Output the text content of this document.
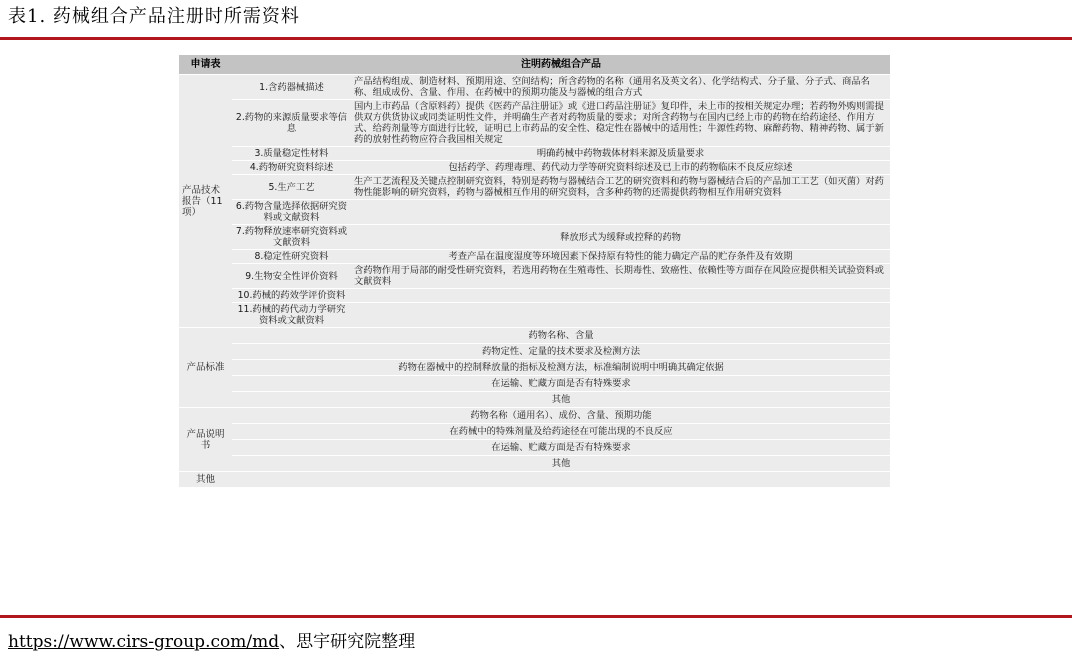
表1. 药械组合产品注册时所需资料
申请表	注明药械组合产品	
产品技术报告（11项）	1.含药器械描述	产品结构组成、制造材料、预期用途、空间结构；所含药物的名称（通用名及英文名）、化学结构式、分子量、分子式、商品名称、组成成份、含量、作用、在药械中的预期功能及与器械的组合方式
	2.药物的来源质量要求等信息	国内上市药品（含原料药）提供《医药产品注册证》或《进口药品注册证》复印件，未上市的按相关规定办理；若药物外购则需提供双方供货协议或同类证明性文件，并明确生产者对药物质量的要求；对所含药物与在国内已经上市的药物在给药途径、作用方式、给药剂量等方面进行比较，证明已上市药品的安全性、稳定性在器械中的适用性；牛源性药物、麻醉药物、精神药物、属于新药的放射性药物应符合我国相关规定
	3.质量稳定性材料	明确药械中药物载体材料来源及质量要求
	4.药物研究资料综述	包括药学、药理毒理、药代动力学等研究资料综述及已上市的药物临床不良反应综述
	5.生产工艺	生产工艺流程及关键点控制研究资料，特别是药物与器械结合工艺的研究资料和药物与器械结合后的产品加工工艺（如灭菌）对药物性能影响的研究资料，药物与器械相互作用的研究资料，含多种药物的还需提供药物相互作用研究资料
	6.药物含量选择依据研究资料或文献资料	
	7.药物释放速率研究资料或文献资料	释放形式为缓释或控释的药物
	8.稳定性研究资料	考查产品在温度湿度等环境因素下保持原有特性的能力确定产品的贮存条件及有效期
	9.生物安全性评价资料	含药物作用于局部的耐受性研究资料，若选用药物在生殖毒性、长期毒性、致癌性、依赖性等方面存在风险应提供相关试验资料或文献资料
	10.药械的药效学评价资料	
	11.药械的药代动力学研究资料或文献资料	
产品标准	药物名称、含量	
	药物定性、定量的技术要求及检测方法	
	药物在器械中的控制释放量的指标及检测方法，标准编制说明中明确其确定依据	
	在运输、贮藏方面是否有特殊要求	
	其他	
产品说明书	药物名称（通用名）、成份、含量、预期功能	
	在药械中的特殊剂量及给药途径在可能出现的不良反应	
	在运输、贮藏方面是否有特殊要求	
	其他	
其他		
https://www.cirs-group.com/md、思宇研究院整理
